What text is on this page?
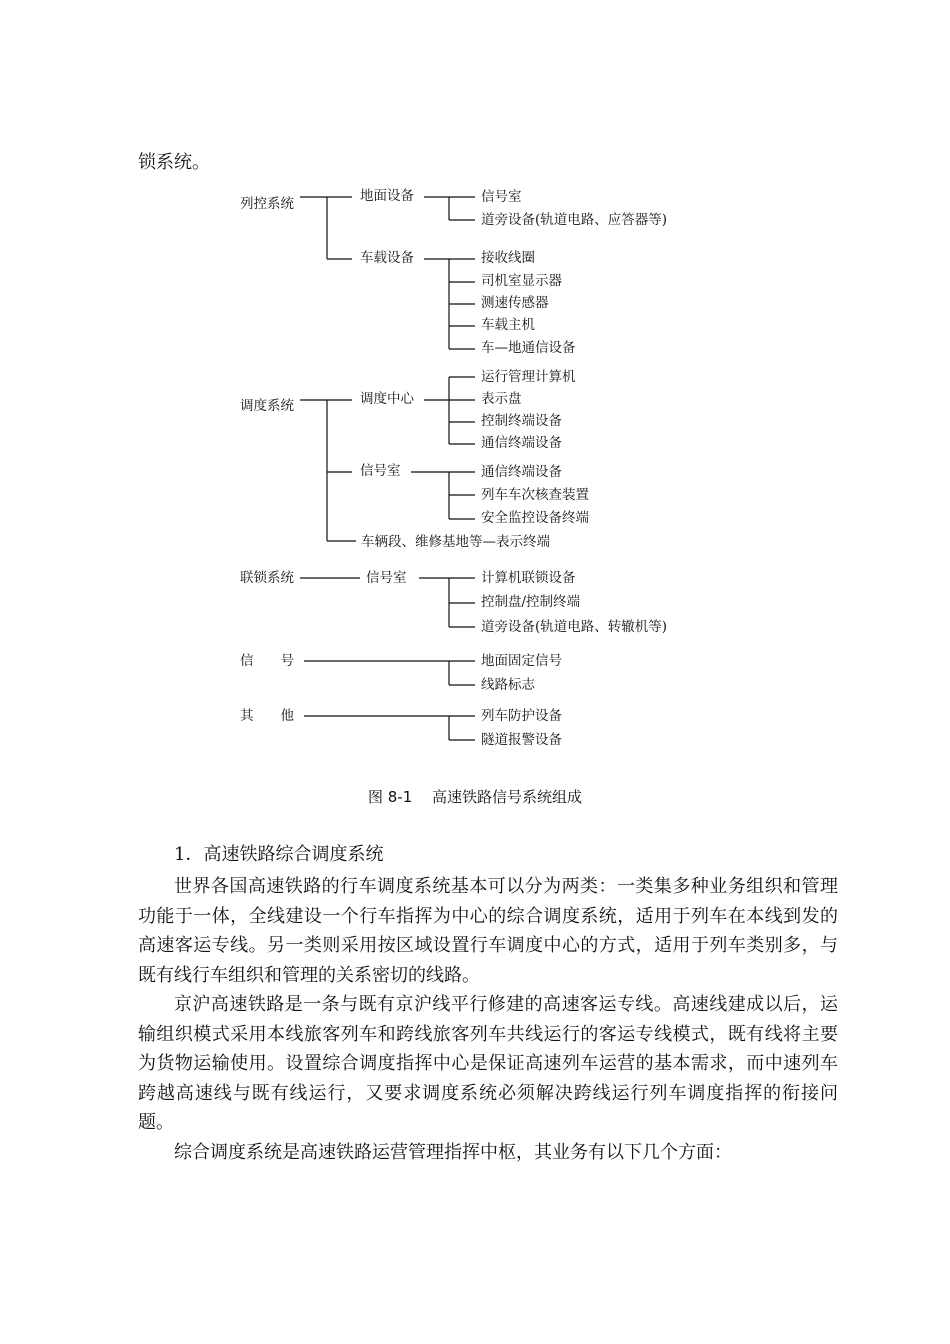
锁系统。
列控系统	地面设备	信号室
道旁设备(轨道电路、应答器等)
车载设备	接收线圈
司机室显示器
测速传感器
车载主机
车—地通信设备
调度系统	调度中心
运行管理计算机
表示盘
控制终端设备
通信终端设备
信号室	通信终端设备
列车车次核查装置
安全监控设备终端
车辆段、维修基地等—表示终端
联锁系统	信号室	计算机联锁设备
控制盘/控制终端
道旁设备(轨道电路、转辙机等)
信　　号	地面固定信号
线路标志
其　　他	列车防护设备
隧道报警设备
图 8-1　 高速铁路信号系统组成
1．高速铁路综合调度系统

世界各国高速铁路的行车调度系统基本可以分为两类：一类集多种业务组织和管理功能于一体，全线建设一个行车指挥为中心的综合调度系统，适用于列车在本线到发的高速客运专线。另一类则采用按区域设置行车调度中心的方式，适用于列车类别多，与既有线行车组织和管理的关系密切的线路。

京沪高速铁路是一条与既有京沪线平行修建的高速客运专线。高速线建成以后，运输组织模式采用本线旅客列车和跨线旅客列车共线运行的客运专线模式，既有线将主要为货物运输使用。设置综合调度指挥中心是保证高速列车运营的基本需求，而中速列车跨越高速线与既有线运行，又要求调度系统必须解决跨线运行列车调度指挥的衔接问题。

综合调度系统是高速铁路运营管理指挥中枢，其业务有以下几个方面：
